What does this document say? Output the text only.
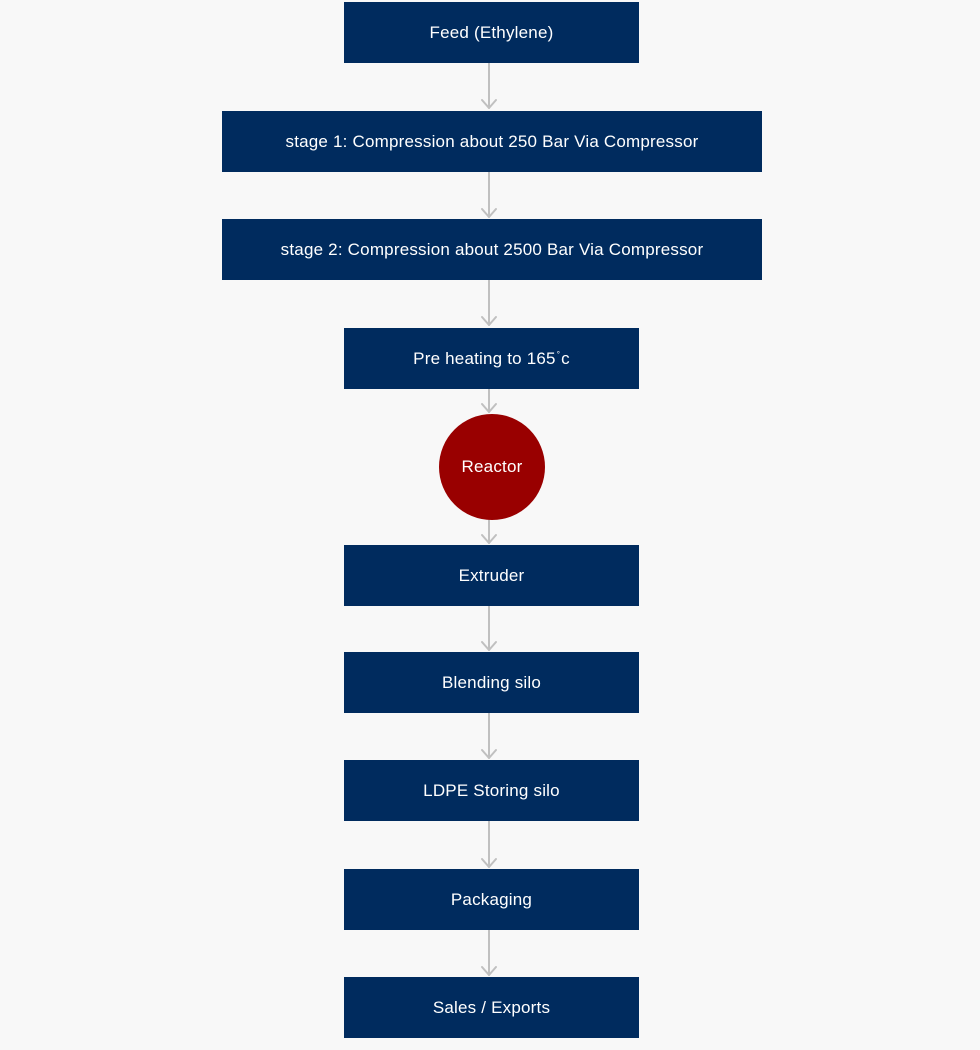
Feed (Ethylene)
stage 1: Compression about 250 Bar Via Compressor
stage 2: Compression about 2500 Bar Via Compressor
Pre heating to 165°c
Reactor
Extruder
Blending silo
LDPE Storing silo
Packaging
Sales / Exports
